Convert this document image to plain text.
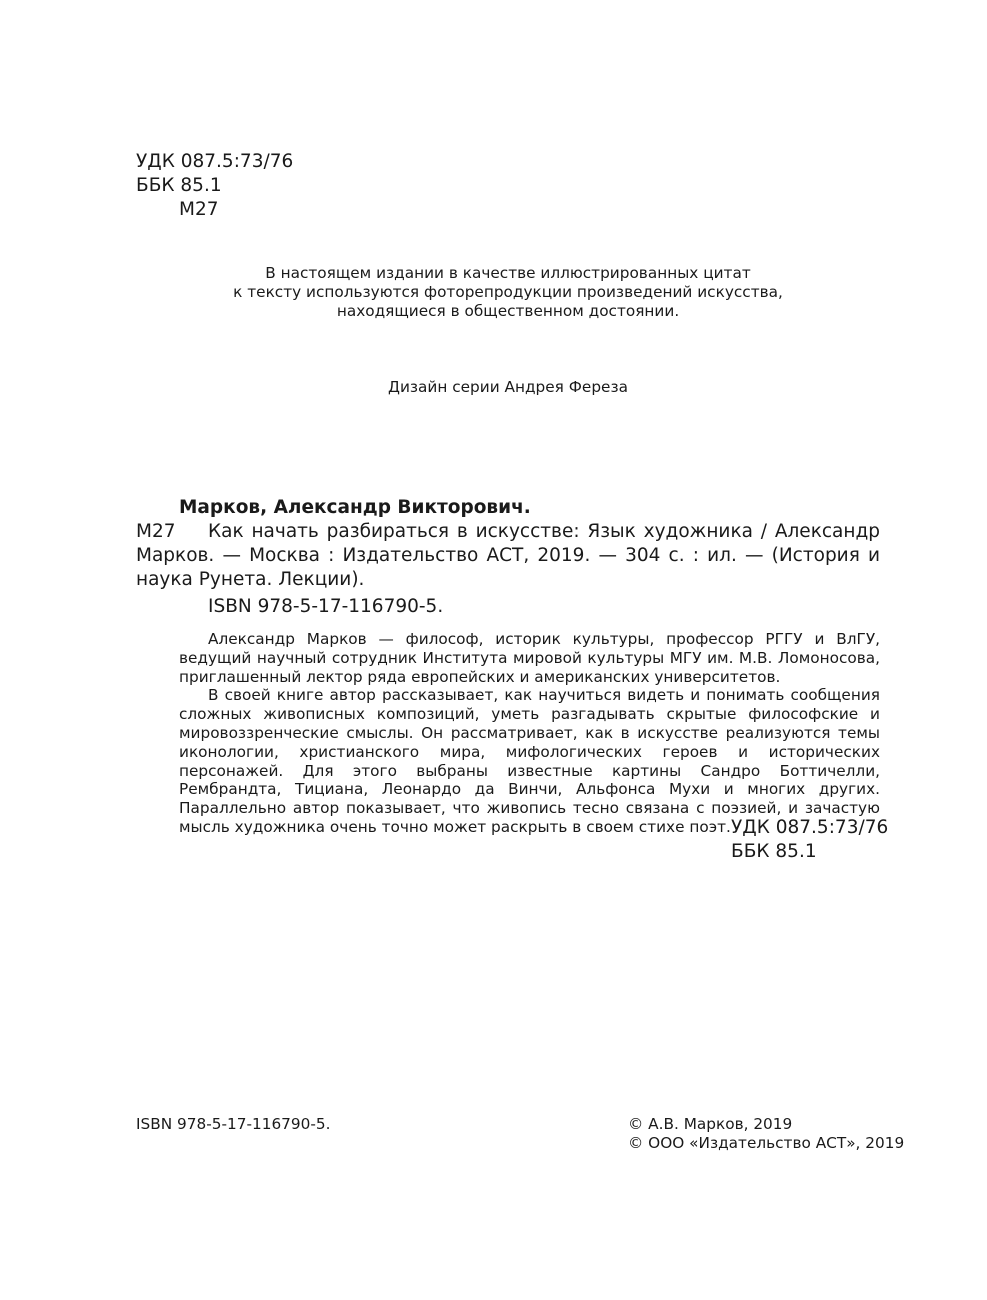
УДК 087.5:73/76
ББК 85.1
М27
В настоящем издании в качестве иллюстрированных цитат
к тексту используются фоторепродукции произведений искусства,
находящиеся в общественном достоянии.
Дизайн серии Андрея Фереза
Марков, Александр Викторович.
М27	Как начать разбираться в искусстве: Язык художника / Александр Марков. — Москва : Издательство АСТ, 2019. — 304 с. : ил. — (История и наука Рунета. Лекции).
ISBN 978-5-17-116790-5.

Александр Марков — философ, историк культуры, профессор РГГУ и ВлГУ, ведущий научный сотрудник Института мировой культуры МГУ им. М.В. Ломоносова, приглашенный лектор ряда европейских и американских университетов.

В своей книге автор рассказывает, как научиться видеть и понимать сообщения сложных живописных композиций, уметь разгадывать скрытые философские и мировоззренческие смыслы. Он рассматривает, как в искусстве реализуются темы иконологии, христианского мира, мифологических героев и исторических персонажей. Для этого выбраны известные картины Сандро Боттичелли, Рембрандта, Тициана, Леонардо да Винчи, Альфонса Мухи и многих других. Параллельно автор показывает, что живопись тесно связана с поэзией, и зачастую мысль художника очень точно может раскрыть в своем стихе поэт. УДК 087.5:73/76
ББК 85.1
ISBN 978-5-17-116790-5.	© А.В. Марков, 2019
© ООО «Издательство АСТ», 2019
